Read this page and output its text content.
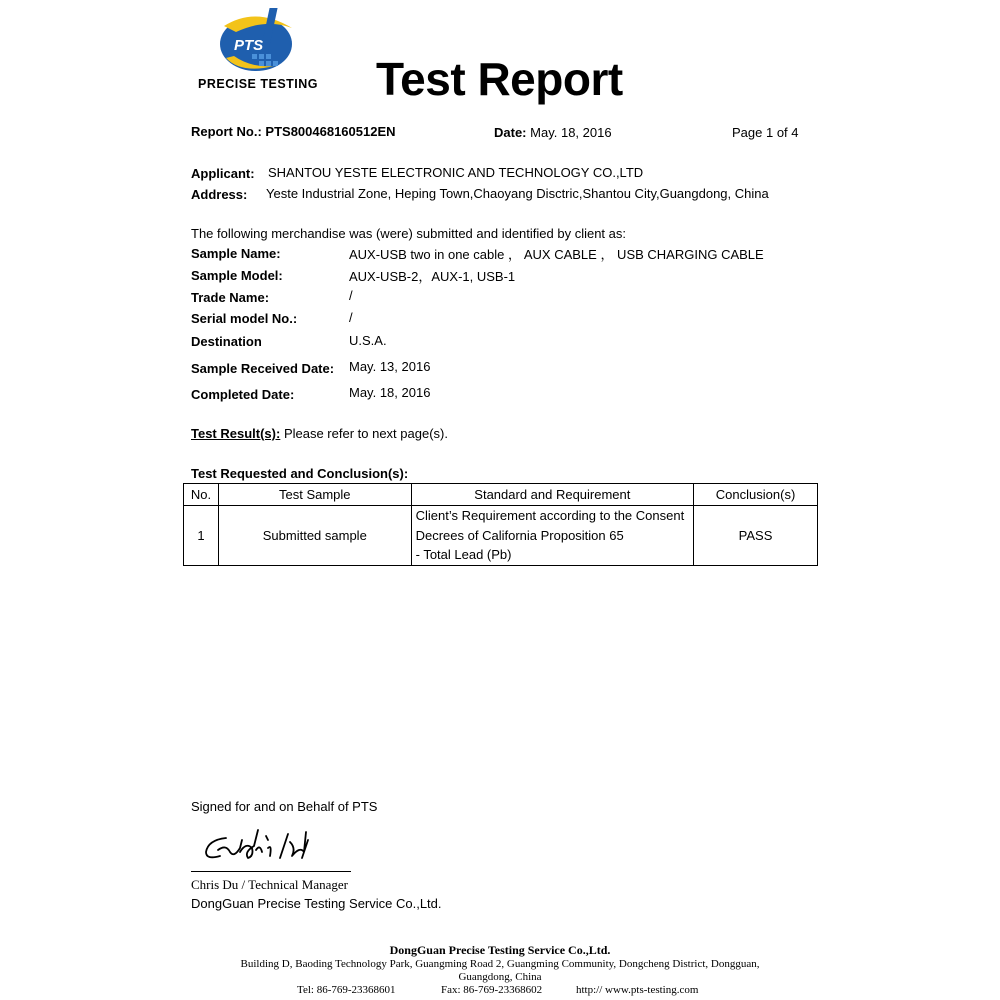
PTS
PRECISE TESTING Test Report
Report No.: PTS800468160512EN	Date: May. 18, 2016	Page 1 of 4
Applicant: SHANTOU YESTE ELECTRONIC AND TECHNOLOGY CO.,LTD
Address: Yeste Industrial Zone, Heping Town,Chaoyang Disctric,Shantou City,Guangdong, China
The following merchandise was (were) submitted and identified by client as:
Sample Name:	AUX-USB two in one cable ， AUX CABLE ， USB CHARGING CABLE
Sample Model:	AUX-USB-2，AUX-1, USB-1
Trade Name:	/
Serial model No.:	/
Destination	U.S.A.
Sample Received Date: May. 13, 2016
Completed Date:	May. 18, 2016
Test Result(s): Please refer to next page(s).
Test Requested and Conclusion(s):
No.	Test Sample	Standard and Requirement	Conclusion(s)
1	Submitted sample	Client’s Requirement according to the Consent
Decrees of California Proposition 65
- Total Lead (Pb)	PASS
Signed for and on Behalf of PTS
Chris Du / Technical Manager
DongGuan Precise Testing Service Co.,Ltd.
DongGuan Precise Testing Service Co.,Ltd.
Building D, Baoding Technology Park, Guangming Road 2, Guangming Community, Dongcheng District, Dongguan,
Guangdong, China
Tel: 86-769-23368601	Fax: 86-769-23368602	http:// www.pts-testing.com
